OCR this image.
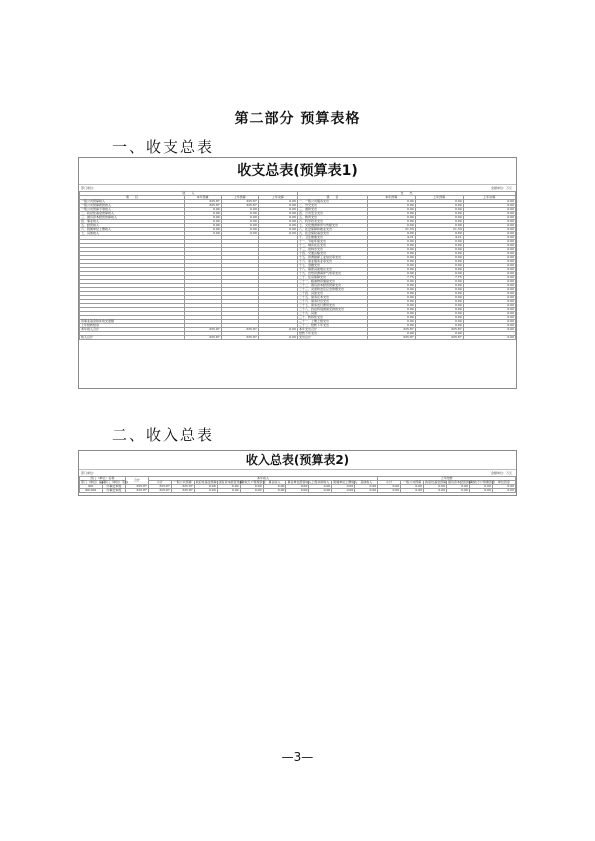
第二部分 预算表格
一、收支总表
收支总表(预算表1)
部门单位：	金额单位：万元
收　　入				支　　出			
项　　目	本年预算	上年预算	上年决算	项　　目	本年预算	上年预算	上年决算
一般公共预算收入	325.87	325.87	0.00	一、一般公共服务支出	0.00	0.00	0.00
一般公共预算拨款收入	325.87	325.87	0.00	二、外交支出	0.00	0.00	0.00
一般公共预算专项收入	0.00	0.00	0.00	三、国防支出	0.00	0.00	0.00
二、政府性基金预算收入	0.00	0.00	0.00	四、公共安全支出	0.00	0.00	0.00
三、国有资本经营预算收入	0.00	0.00	0.00	五、教育支出	0.00	0.00	0.00
四、事业收入	0.00	0.00	0.00	六、科学技术支出	0.00	0.00	0.00
五、经营收入	0.00	0.00	0.00	七、文化旅游体育与传媒支出	0.00	0.00	0.00
六、附属单位上缴收入	0.00	0.00	0.00	八、社会保障和就业支出	21.33	21.33	0.00
七、其他收入	0.00	0.00	0.00	九、社会保险基金支出	0.00	0.00	0.00
				十、卫生健康支出	4.21	4.21	0.00
				十一、节能环保支出	0.00	0.00	0.00
				十二、城乡社区支出	0.00	0.00	0.00
				十三、农林水支出	0.00	0.00	0.00
				十四、交通运输支出	0.00	0.00	0.00
				十五、资源勘探工业信息等支出	0.00	0.00	0.00
				十六、商业服务业等支出	0.00	0.00	0.00
				十七、金融支出	0.00	0.00	0.00
				十八、援助其他地区支出	0.00	0.00	0.00
				十九、自然资源海洋气象等支出	0.00	0.00	0.00
				二十、住房保障支出	7.75	7.75	0.00
				二十一、粮油物资储备支出	0.00	0.00	0.00
				二十二、国有资本经营预算支出	0.00	0.00	0.00
				二十三、灾害防治及应急管理支出	0.00	0.00	0.00
				二十四、其他支出	0.00	0.00	0.00
				二十五、债务还本支出	0.00	0.00	0.00
				二十六、债务付息支出	0.00	0.00	0.00
				二十七、债务发行费用支出	0.00	0.00	0.00
				二十八、抗疫特别国债安排的支出	0.00	0.00	0.00
				二十九、其他	0.00	0.00	0.00
				三十、转移性支出	0.00	0.00	0.00
用事业基金弥补收支差额				三十一、上缴上级支出	0.00	0.00	0.00
上年结转结余				三十二、结转下年支出	0.00	0.00	0.00
本年收入合计	325.87	325.87	0.00	本年支出合计	325.87	325.87	0.00
				结转下年支出	0.00	0.00	
收入总计	325.87	325.87	0.00	支出总计	325.87	325.87	0.00
二、收入总表
收入总表(预算表2)
部门单位：	金额单位：万元
部门（单位）名称		合计	本年收入										上年结转					
部门（单位）编码	部门（单位）名称		小计	一般公共预算	政府性基金预算	国有资本经营预算	财政专户管理资金	事业收入	事业单位经营收入	上级补助收入	附属单位上缴收入	其他收入	小计	一般公共预算	政府性基金预算	国有资本经营预算	财政专户管理资金	单位资金
901	办事处本级	325.87	325.87	325.87	0.00	0.00	0.00	0.00	0.00	0.00	0.00	0.00	0.00	0.00	0.00	0.00	0.00	0.00
901001	办事处本级	325.87	325.87	325.87	0.00	0.00	0.00	0.00	0.00	0.00	0.00	0.00	0.00	0.00	0.00	0.00	0.00	0.00
—3—
